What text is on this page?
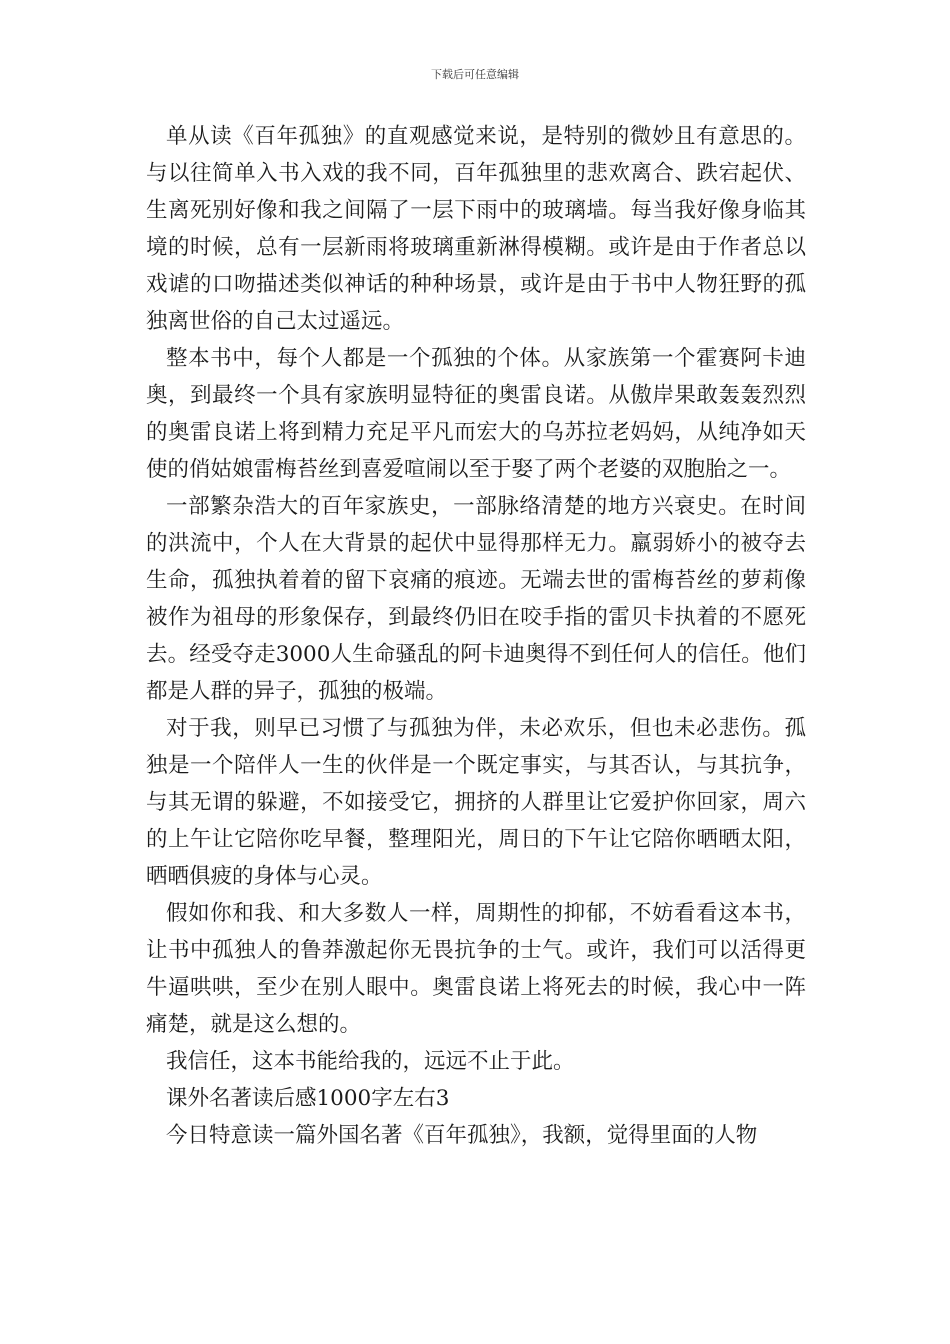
下载后可任意编辑

单从读《百年孤独》的直观感觉来说，是特别的微妙且有意思的。与以往简单入书入戏的我不同，百年孤独里的悲欢离合、跌宕起伏、生离死别好像和我之间隔了一层下雨中的玻璃墙。每当我好像身临其境的时候，总有一层新雨将玻璃重新淋得模糊。或许是由于作者总以戏谑的口吻描述类似神话的种种场景，或许是由于书中人物狂野的孤独离世俗的自己太过遥远。

整本书中，每个人都是一个孤独的个体。从家族第一个霍赛阿卡迪奥，到最终一个具有家族明显特征的奥雷良诺。从傲岸果敢轰轰烈烈的奥雷良诺上将到精力充足平凡而宏大的乌苏拉老妈妈，从纯净如天使的俏姑娘雷梅苔丝到喜爱喧闹以至于娶了两个老婆的双胞胎之一。

一部繁杂浩大的百年家族史，一部脉络清楚的地方兴衰史。在时间的洪流中，个人在大背景的起伏中显得那样无力。羸弱娇小的被夺去生命，孤独执着着的留下哀痛的痕迹。无端去世的雷梅苔丝的萝莉像被作为祖母的形象保存，到最终仍旧在咬手指的雷贝卡执着的不愿死去。经受夺走3000人生命骚乱的阿卡迪奥得不到任何人的信任。他们都是人群的异子，孤独的极端。

对于我，则早已习惯了与孤独为伴，未必欢乐，但也未必悲伤。孤独是一个陪伴人一生的伙伴是一个既定事实，与其否认，与其抗争，与其无谓的躲避，不如接受它，拥挤的人群里让它爱护你回家，周六的上午让它陪你吃早餐，整理阳光，周日的下午让它陪你晒晒太阳，晒晒俱疲的身体与心灵。

假如你和我、和大多数人一样，周期性的抑郁，不妨看看这本书，让书中孤独人的鲁莽激起你无畏抗争的士气。或许，我们可以活得更牛逼哄哄，至少在别人眼中。奥雷良诺上将死去的时候，我心中一阵痛楚，就是这么想的。

我信任，这本书能给我的，远远不止于此。

课外名著读后感1000字左右3

今日特意读一篇外国名著《百年孤独》，我额，觉得里面的人物
